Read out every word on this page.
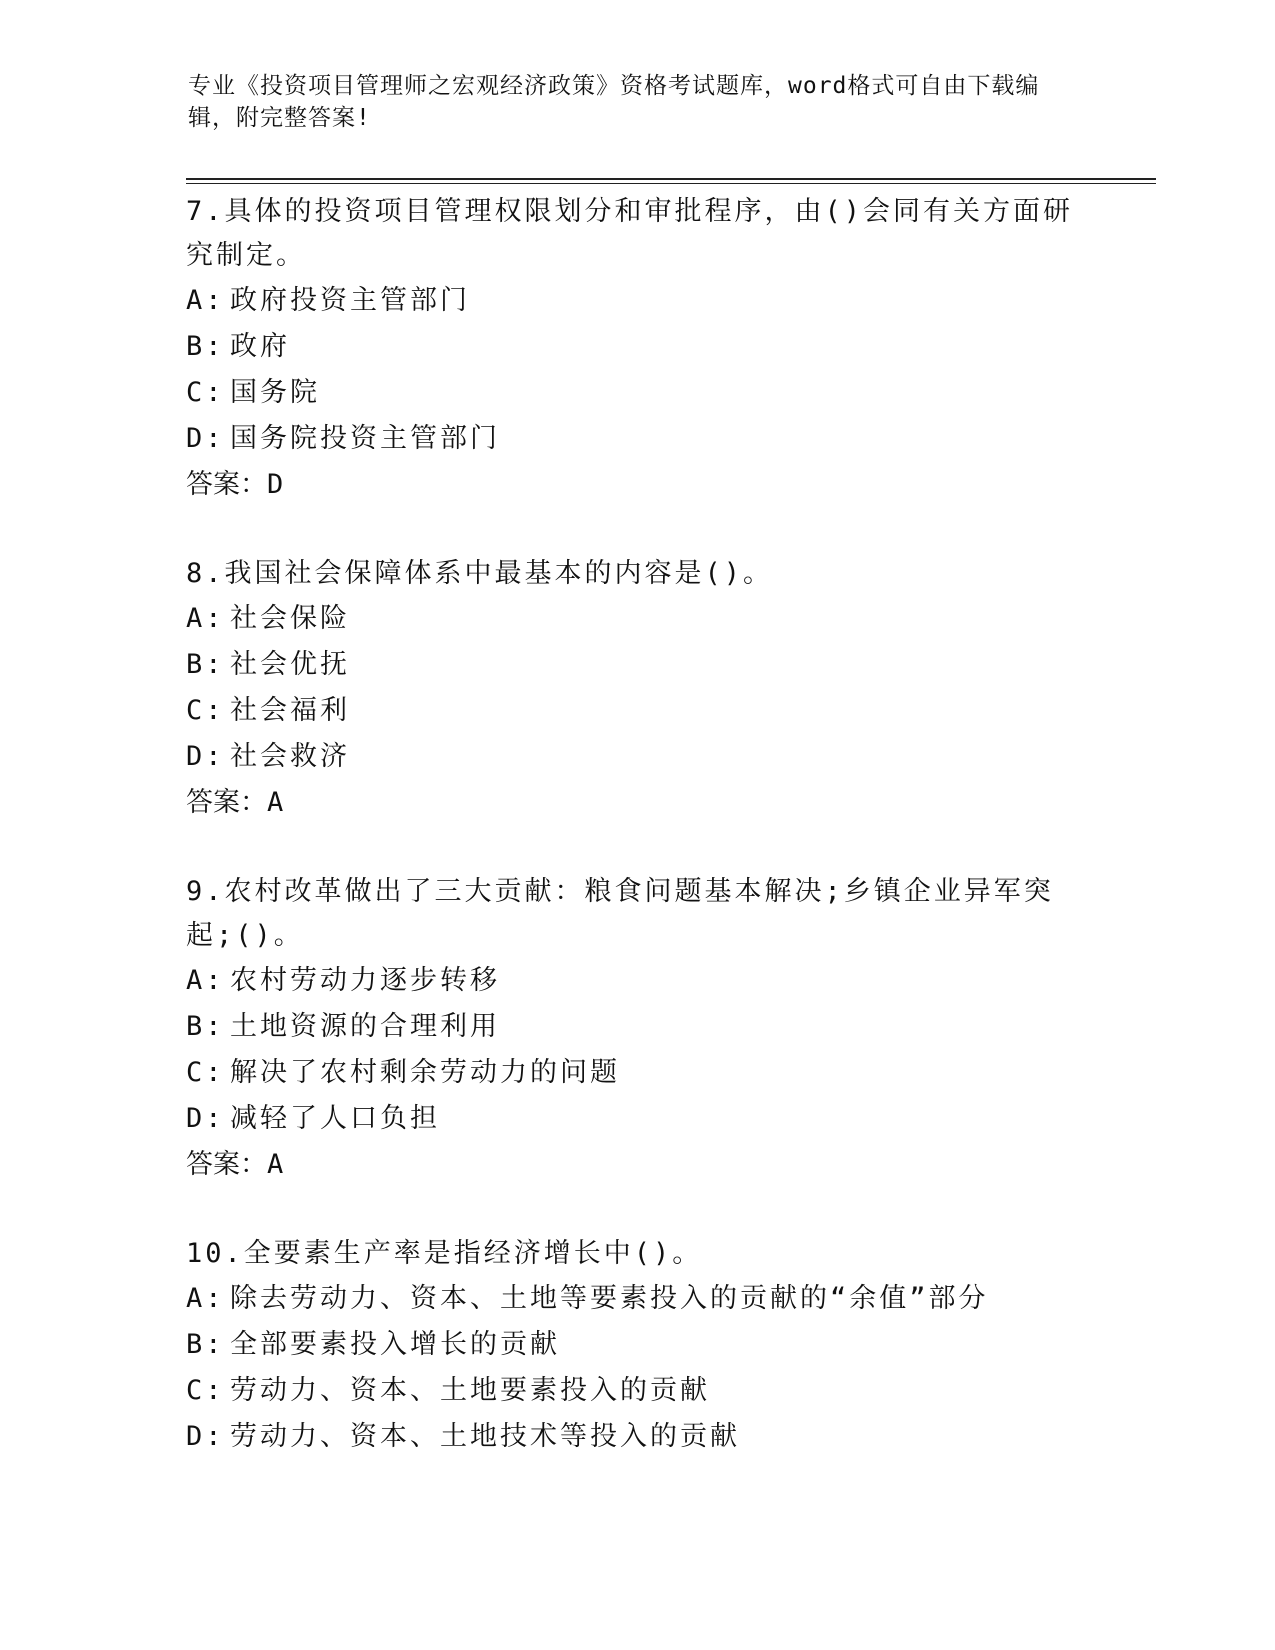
专业《投资项目管理师之宏观经济政策》资格考试题库，word格式可自由下载编辑，附完整答案!

7.具体的投资项目管理权限划分和审批程序，由()会同有关方面研究制定。

A: 政府投资主管部门

B: 政府

C: 国务院

D: 国务院投资主管部门

答案：D

8.我国社会保障体系中最基本的内容是()。

A: 社会保险

B: 社会优抚

C: 社会福利

D: 社会救济

答案：A

9.农村改革做出了三大贡献：粮食问题基本解决;乡镇企业异军突起;()。

A: 农村劳动力逐步转移

B: 土地资源的合理利用

C: 解决了农村剩余劳动力的问题

D: 减轻了人口负担

答案：A

10.全要素生产率是指经济增长中()。

A: 除去劳动力、资本、土地等要素投入的贡献的“余值”部分

B: 全部要素投入增长的贡献

C: 劳动力、资本、土地要素投入的贡献

D: 劳动力、资本、土地技术等投入的贡献
